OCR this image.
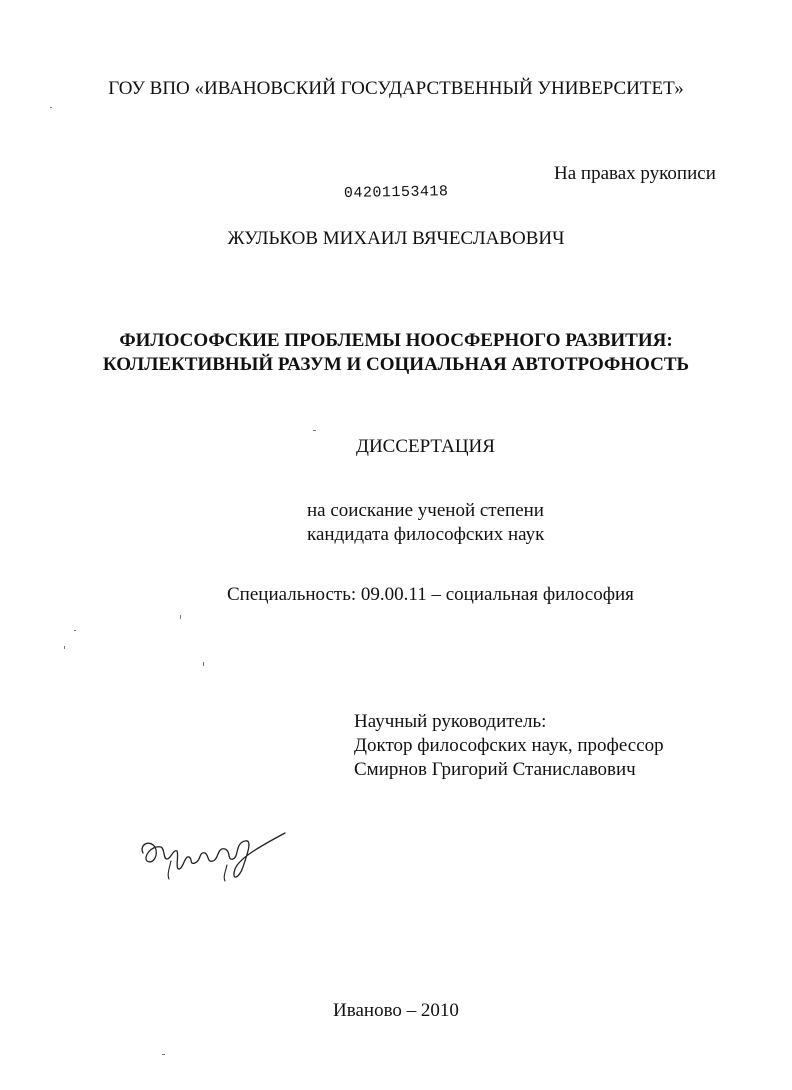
ГОУ ВПО «ИВАНОВСКИЙ ГОСУДАРСТВЕННЫЙ УНИВЕРСИТЕТ»
На правах рукописи
04201153418
ЖУЛЬКОВ МИХАИЛ ВЯЧЕСЛАВОВИЧ
ФИЛОСОФСКИЕ ПРОБЛЕМЫ НООСФЕРНОГО РАЗВИТИЯ:
КОЛЛЕКТИВНЫЙ РАЗУМ И СОЦИАЛЬНАЯ АВТОТРОФНОСТЬ
ДИССЕРТАЦИЯ
на соискание ученой степени
кандидата философских наук
Специальность: 09.00.11 – социальная философия
Научный руководитель:
Доктор философских наук, профессор
Смирнов Григорий Станиславович
Иваново – 2010
